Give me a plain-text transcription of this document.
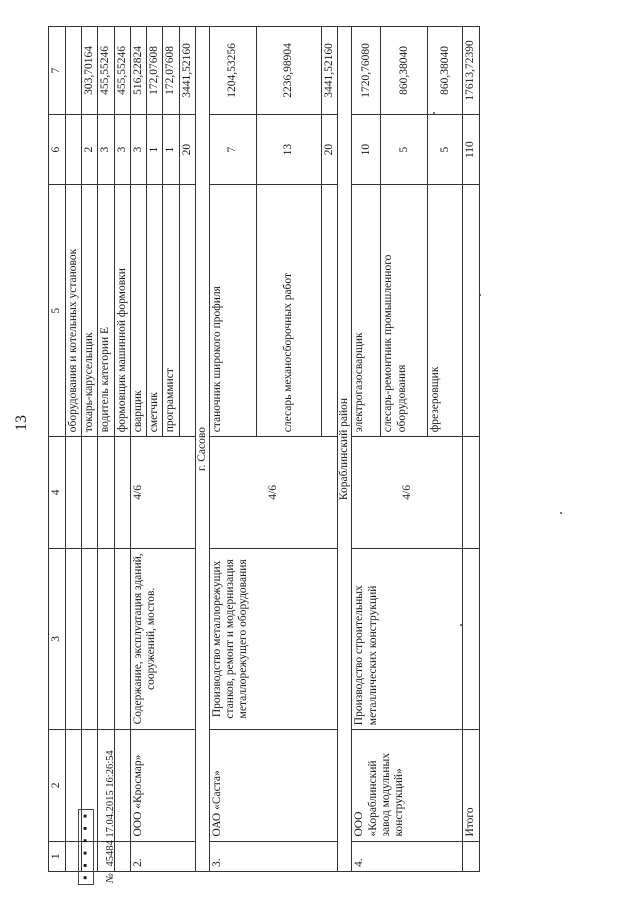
13
1	2	3	4	5	6	7
				оборудования и котельных установок		
				токарь-карусельщик	2	303,70164
				водитель категории Е	3	455,55246
				формовщик машинной формовки	3	455,55246
2.	ООО «Кросмар»	Содержание, эксплуатация зданий, сооружений, мостов.	4/6	сварщик	3	516,22824
				сметчик	1	172,07608
				программист	1	172,07608
					20	3441,52160
г. Сасово						
3.	ОАО «Саста»	Производство металлорежущих станков, ремонт и модернизация металлорежущего оборудования	4/6	станочник широкого профиля	7	1204,53256
				слесарь механосборочных работ	13	2236,98904
					20	3441,52160
Кораблинский район						
4.	ООО «Кораблинский завод модульных конструкций»	Производство строительных металлических конструкций	4/6	электрогазосварщик	10	1720,76080
				слесарь-ремонтник промышленного оборудования	5	860,38040
				фрезеровщик	5	860,38040
	Итого				110	17613,72390
■
■
■
■
■
■
№ 45484 17.04.2015 16:26:54
